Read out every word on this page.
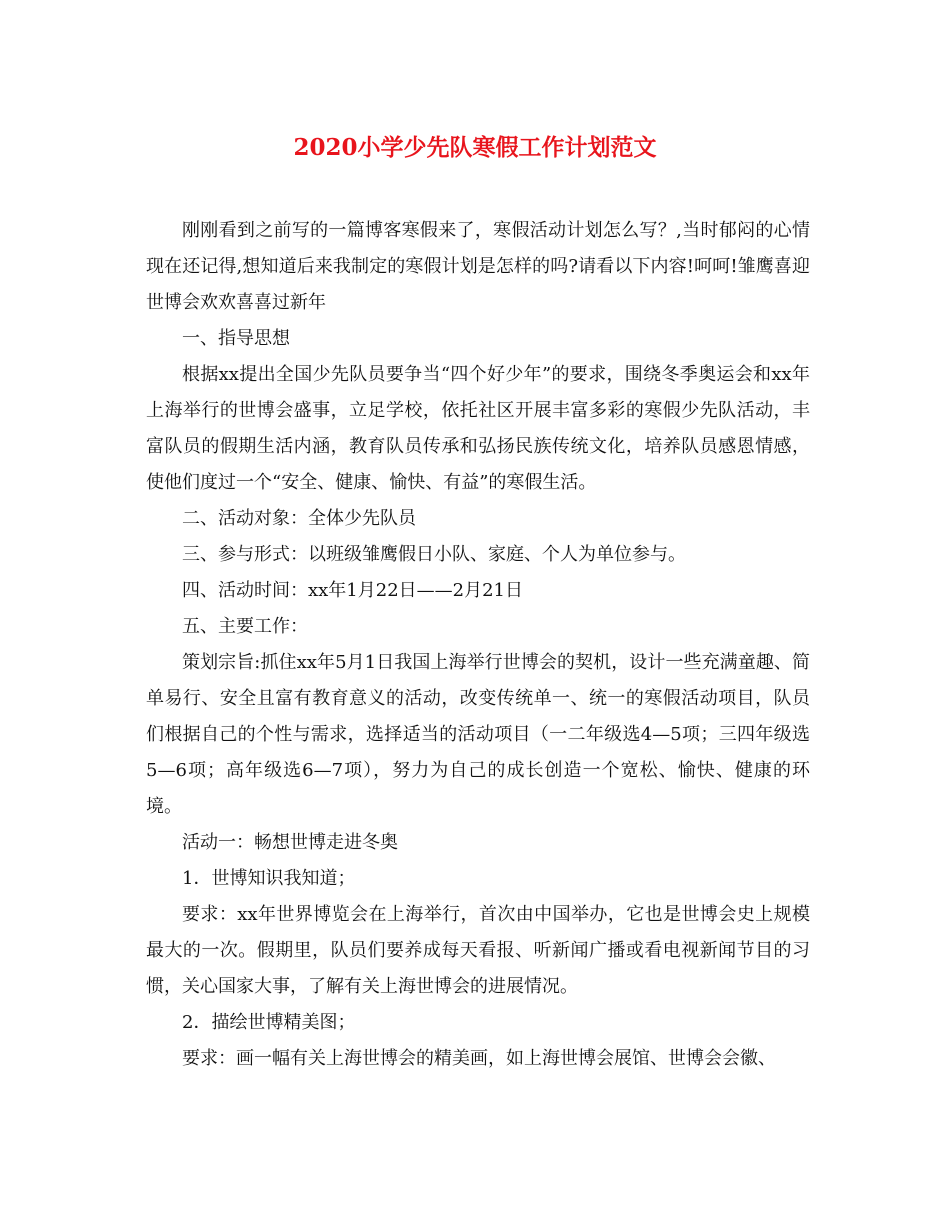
2020小学少先队寒假工作计划范文

刚刚看到之前写的一篇博客寒假来了，寒假活动计划怎么写？,当时郁闷的心情现在还记得,想知道后来我制定的寒假计划是怎样的吗?请看以下内容!呵呵!雏鹰喜迎世博会欢欢喜喜过新年

一、指导思想

根据xx提出全国少先队员要争当“四个好少年”的要求，围绕冬季奥运会和xx年上海举行的世博会盛事，立足学校，依托社区开展丰富多彩的寒假少先队活动，丰富队员的假期生活内涵，教育队员传承和弘扬民族传统文化，培养队员感恩情感，使他们度过一个“安全、健康、愉快、有益”的寒假生活。

二、活动对象：全体少先队员

三、参与形式：以班级雏鹰假日小队、家庭、个人为单位参与。

四、活动时间：xx年1月22日——2月21日

五、主要工作：

策划宗旨:抓住xx年5月1日我国上海举行世博会的契机，设计一些充满童趣、简单易行、安全且富有教育意义的活动，改变传统单一、统一的寒假活动项目，队员们根据自己的个性与需求，选择适当的活动项目（一二年级选4—5项；三四年级选5—6项；高年级选6—7项），努力为自己的成长创造一个宽松、愉快、健康的环境。

活动一：畅想世博走进冬奥

1．世博知识我知道；

要求：xx年世界博览会在上海举行，首次由中国举办，它也是世博会史上规模最大的一次。假期里，队员们要养成每天看报、听新闻广播或看电视新闻节目的习惯，关心国家大事，了解有关上海世博会的进展情况。

2．描绘世博精美图；

要求：画一幅有关上海世博会的精美画，如上海世博会展馆、世博会会徽、
